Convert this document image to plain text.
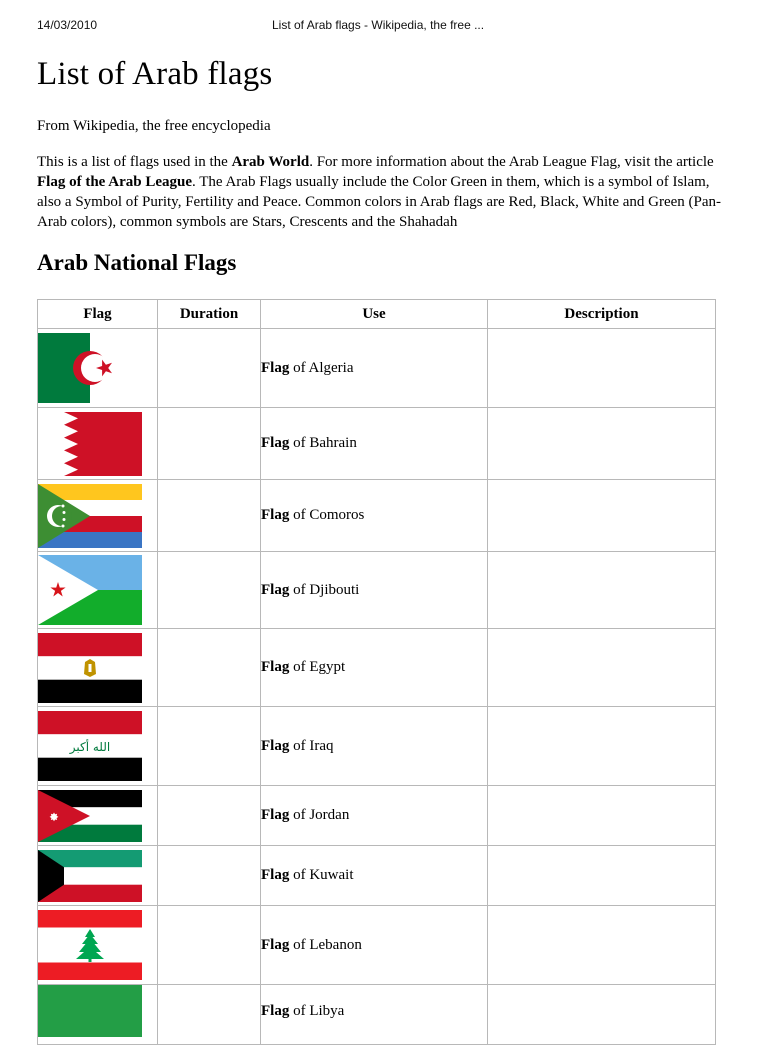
14/03/2010	List of Arab flags - Wikipedia, the free ...
List of Arab flags
From Wikipedia, the free encyclopedia

This is a list of flags used in the Arab World. For more information about the Arab League Flag, visit the article Flag of the Arab League. The Arab Flags usually include the Color Green in them, which is a symbol of Islam, also a Symbol of Purity, Fertility and Peace. Common colors in Arab flags are Red, Black, White and Green (Pan-Arab colors), common symbols are Stars, Crescents and the Shahadah

Arab National Flags
Flag	Duration	Use	Description

		Flag of Algeria	

		Flag of Bahrain	

		Flag of Comoros	

		Flag of Djibouti	

		Flag of Egypt	

الله أكبر		Flag of Iraq	

		Flag of Jordan	

		Flag of Kuwait	

		Flag of Lebanon	

		Flag of Libya	
